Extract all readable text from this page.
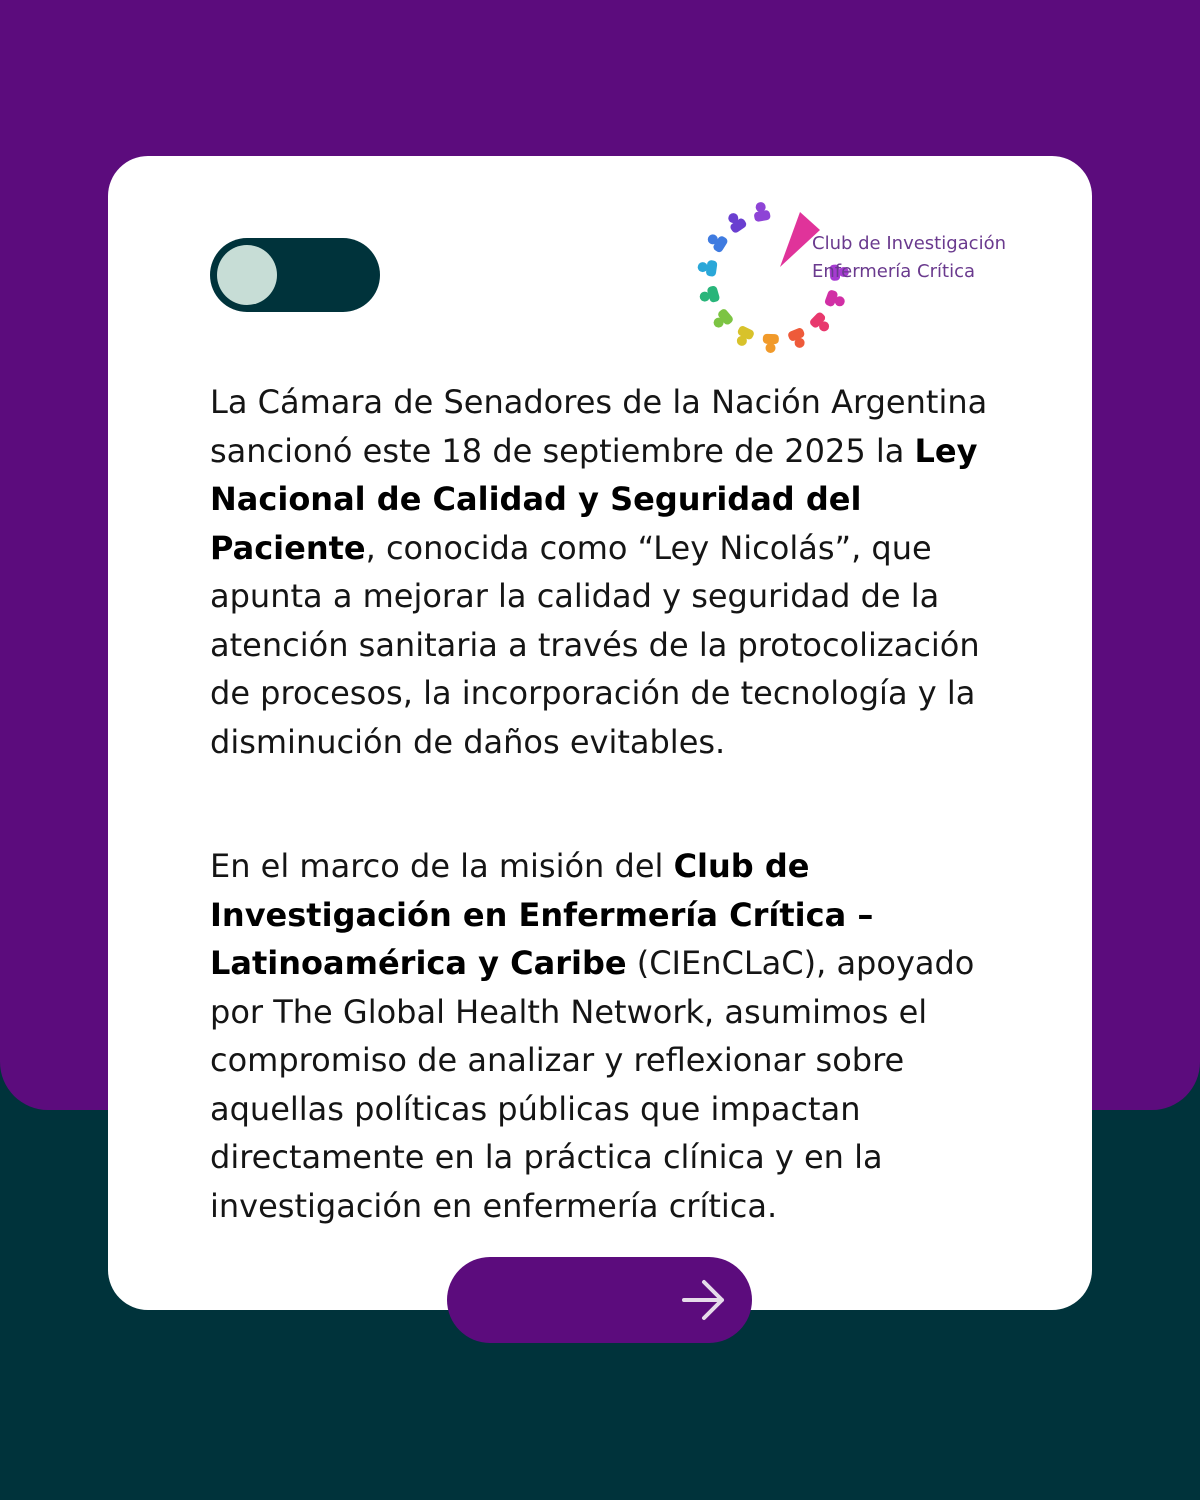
Club de Investigación
Enfermería Crítica
La Cámara de Senadores de la Nación Argentina sancionó este 18 de septiembre de 2025 la Ley Nacional de Calidad y Seguridad del Paciente, conocida como “Ley Nicolás”, que apunta a mejorar la calidad y seguridad de la atención sanitaria a través de la protocolización de procesos, la incorporación de tecnología y la disminución de daños evitables.
En el marco de la misión del Club de Investigación en Enfermería Crítica – Latinoamérica y Caribe (CIEnCLaC), apoyado por The Global Health Network, asumimos el compromiso de analizar y reflexionar sobre aquellas políticas públicas que impactan directamente en la práctica clínica y en la investigación en enfermería crítica.
